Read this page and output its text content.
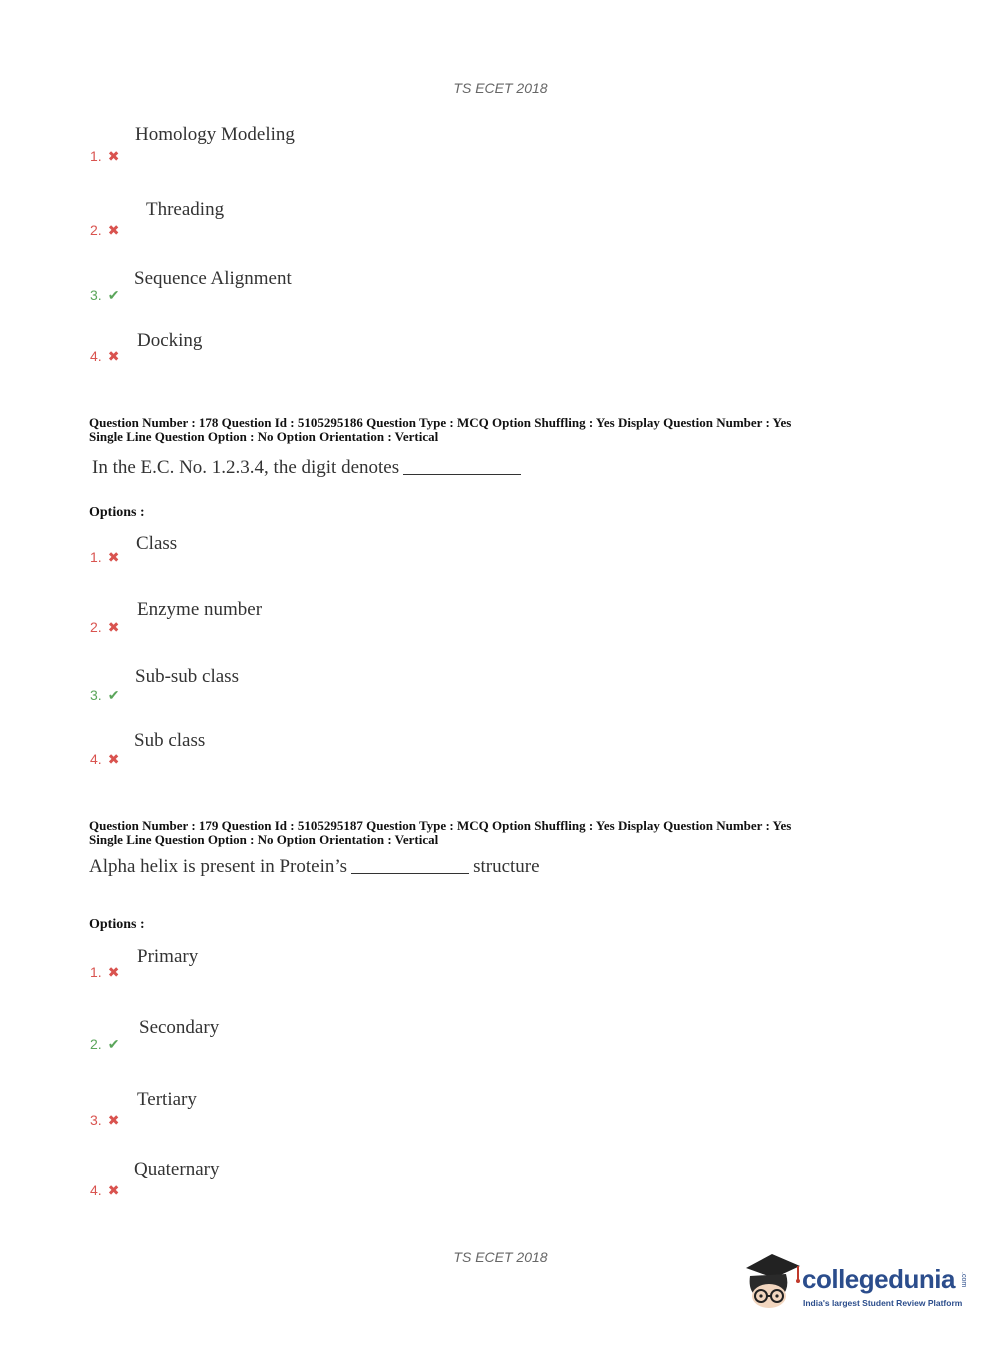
TS ECET 2018
1. ✖
Homology Modeling
2. ✖
Threading
3. ✔
Sequence Alignment
4. ✖
Docking
Question Number : 178 Question Id : 5105295186 Question Type : MCQ Option Shuffling : Yes Display Question Number : Yes
Single Line Question Option : No Option Orientation : Vertical
In the E.C. No. 1.2.3.4, the digit denotes
Options :
1. ✖
Class
2. ✖
Enzyme number
3. ✔
Sub-sub class
4. ✖
Sub class
Question Number : 179 Question Id : 5105295187 Question Type : MCQ Option Shuffling : Yes Display Question Number : Yes
Single Line Question Option : No Option Orientation : Vertical
Alpha helix is present in Protein’s	structure
Options :
1. ✖
Primary
2. ✔
Secondary
3. ✖
Tertiary
4. ✖
Quaternary
TS ECET 2018
collegedunia .com
India's largest Student Review Platform
